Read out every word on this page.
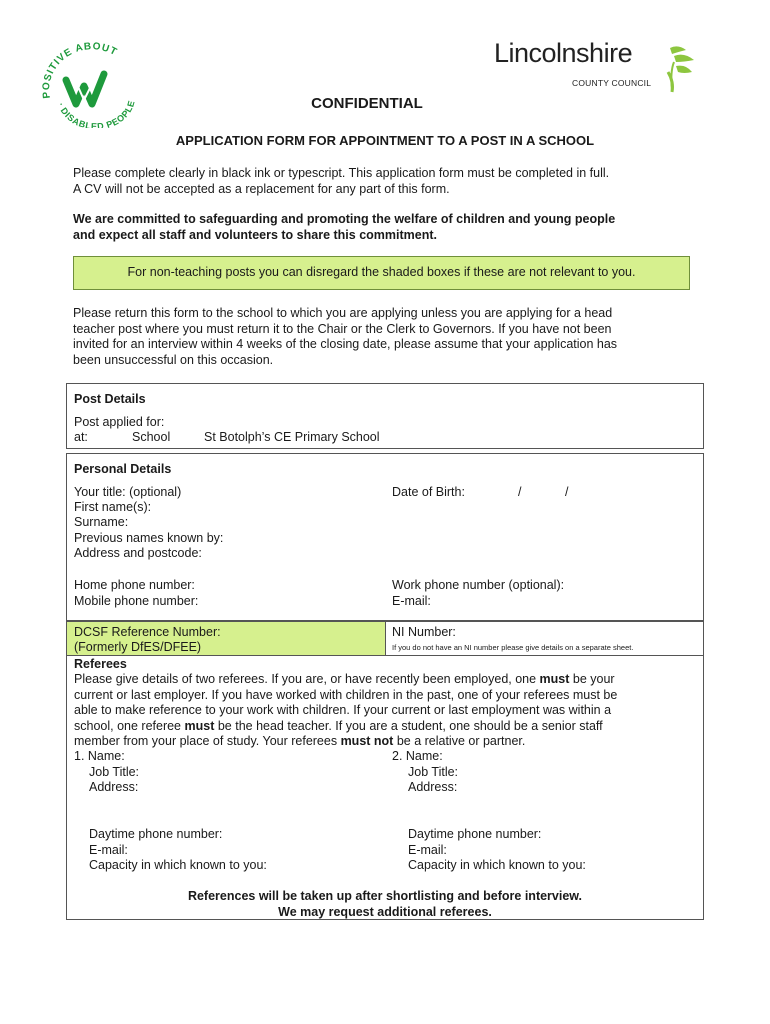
POSITIVE ABOUT
· DISABLED PEOPLE
Lincolnshire
COUNTY COUNCIL
CONFIDENTIAL
APPLICATION FORM FOR APPOINTMENT TO A POST IN A SCHOOL
Please complete clearly in black ink or typescript. This application form must be completed in full.
A CV will not be accepted as a replacement for any part of this form.
We are committed to safeguarding and promoting the welfare of children and young people
and expect all staff and volunteers to share this commitment.
For non-teaching posts you can disregard the shaded boxes if these are not relevant to you.
Please return this form to the school to which you are applying unless you are applying for a head
teacher post where you must return it to the Chair or the Clerk to Governors. If you have not been
invited for an interview within 4 weeks of the closing date, please assume that your application has
been unsuccessful on this occasion.
Post Details
Post applied for:
at:	School	St Botolph’s CE Primary School
Personal Details
Your title: (optional)	Date of Birth:	/	/
First name(s):
Surname:
Previous names known by:
Address and postcode:
Home phone number:	Work phone number (optional):
Mobile phone number:	E-mail:
DCSF Reference Number:
(Formerly DfES/DFEE)
NI Number:
If you do not have an NI number please give details on a separate sheet.
Referees
Please give details of two referees. If you are, or have recently been employed, one must be your
current or last employer. If you have worked with children in the past, one of your referees must be
able to make reference to your work with children. If your current or last employment was within a
school, one referee must be the head teacher. If you are a student, one should be a senior staff
member from your place of study. Your referees must not be a relative or partner.
1. Name:
Job Title:
Address:
Daytime phone number:
E-mail:
Capacity in which known to you:
2. Name:
Job Title:
Address:
Daytime phone number:
E-mail:
Capacity in which known to you:
References will be taken up after shortlisting and before interview.
We may request additional referees.
